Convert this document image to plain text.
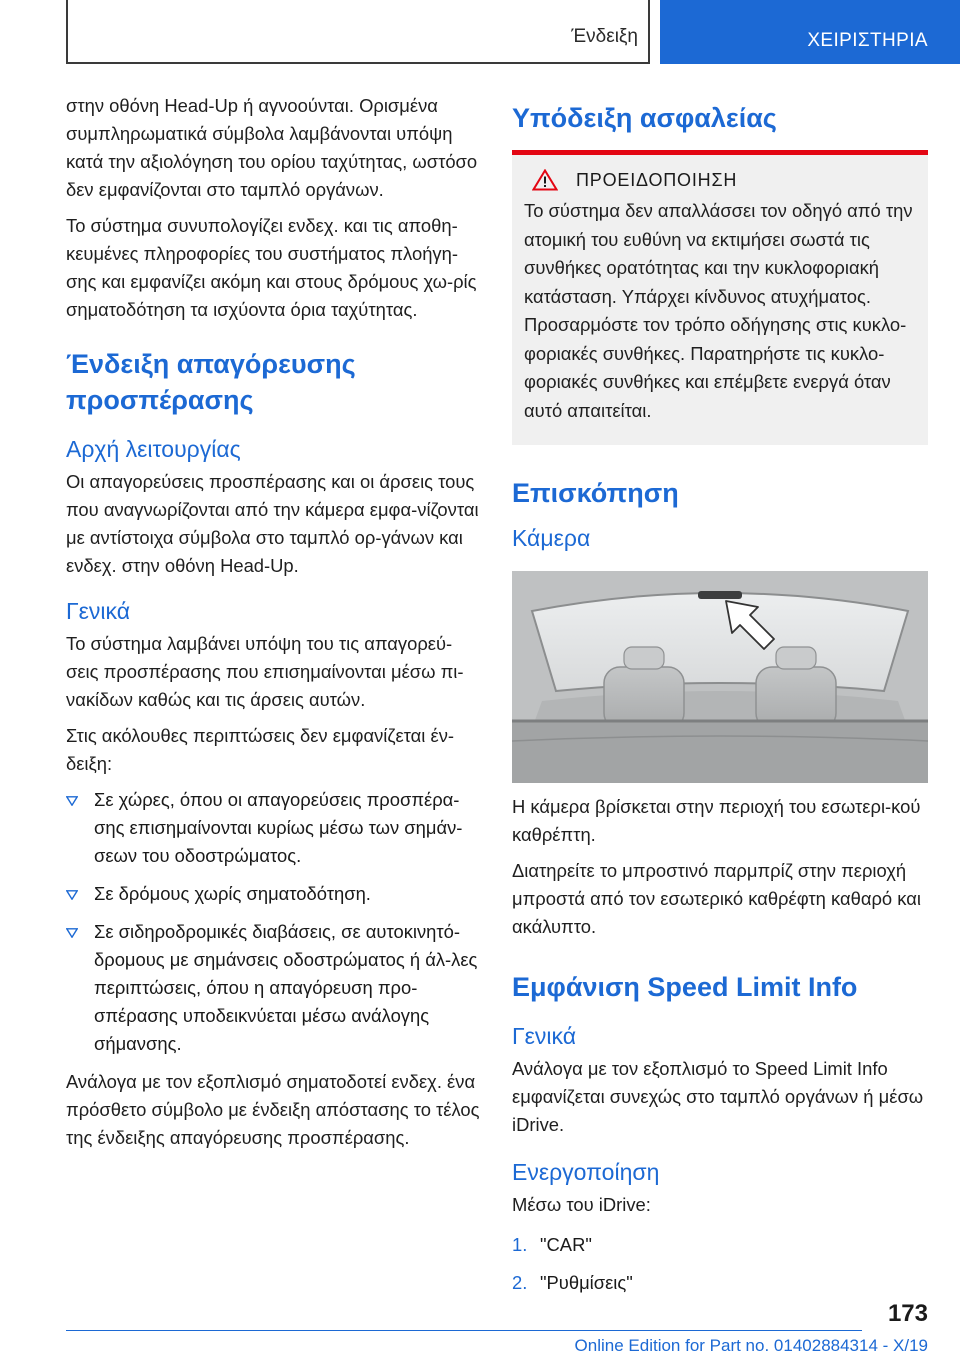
Ένδειξη	ΧΕΙΡΙΣΤΗΡΙΑ

στην οθόνη Head-Up ή αγνοούνται. Ορισμένα συμπληρωματικά σύμβολα λαμβάνονται υπόψη κατά την αξιολόγηση του ορίου ταχύτητας, ωστόσο δεν εμφανίζονται στο ταμπλό οργάνων.

Το σύστημα συνυπολογίζει ενδεχ. και τις αποθη-κευμένες πληροφορίες του συστήματος πλοήγη-σης και εμφανίζει ακόμη και στους δρόμους χω-ρίς σηματοδότηση τα ισχύοντα όρια ταχύτητας.

Ένδειξη απαγόρευσης προσπέρασης
Αρχή λειτουργίας

Οι απαγορεύσεις προσπέρασης και οι άρσεις τους που αναγνωρίζονται από την κάμερα εμφα-νίζονται με αντίστοιχα σύμβολα στο ταμπλό ορ-γάνων και ενδεχ. στην οθόνη Head-Up.

Γενικά

Το σύστημα λαμβάνει υπόψη του τις απαγορεύ-σεις προσπέρασης που επισημαίνονται μέσω πι-νακίδων καθώς και τις άρσεις αυτών.

Στις ακόλουθες περιπτώσεις δεν εμφανίζεται έν-δειξη:

Σε χώρες, όπου οι απαγορεύσεις προσπέρα-σης επισημαίνονται κυρίως μέσω των σημάν-σεων του οδοστρώματος.
Σε δρόμους χωρίς σηματοδότηση.
Σε σιδηροδρομικές διαβάσεις, σε αυτοκινητό-δρομους με σημάνσεις οδοστρώματος ή άλ-λες περιπτώσεις, όπου η απαγόρευση προ-σπέρασης υποδεικνύεται μέσω ανάλογης σήμανσης.

Ανάλογα με τον εξοπλισμό σηματοδοτεί ενδεχ. ένα πρόσθετο σύμβολο με ένδειξη απόστασης το τέλος της ένδειξης απαγόρευσης προσπέρασης.

Υπόδειξη ασφαλείας
ΠΡΟΕΙΔΟΠΟΙΗΣΗ

Το σύστημα δεν απαλλάσσει τον οδηγό από την ατομική του ευθύνη να εκτιμήσει σωστά τις συνθήκες ορατότητας και την κυκλοφοριακή κατάσταση. Υπάρχει κίνδυνος ατυχήματος. Προσαρμόστε τον τρόπο οδήγησης στις κυκλο-φοριακές συνθήκες. Παρατηρήστε τις κυκλο-φοριακές συνθήκες και επέμβετε ενεργά όταν αυτό απαιτείται.

Επισκόπηση
Κάμερα

Η κάμερα βρίσκεται στην περιοχή του εσωτερι-κού καθρέπτη.

Διατηρείτε το μπροστινό παρμπρίζ στην περιοχή μπροστά από τον εσωτερικό καθρέφτη καθαρό και ακάλυπτο.

Εμφάνιση Speed Limit Info
Γενικά

Ανάλογα με τον εξοπλισμό το Speed Limit Info εμφανίζεται συνεχώς στο ταμπλό οργάνων ή μέσω iDrive.

Ενεργοποίηση

Μέσω του iDrive:

1. "CAR"
2. "Ρυθμίσεις"
173
Online Edition for Part no. 01402884314 - X/19
